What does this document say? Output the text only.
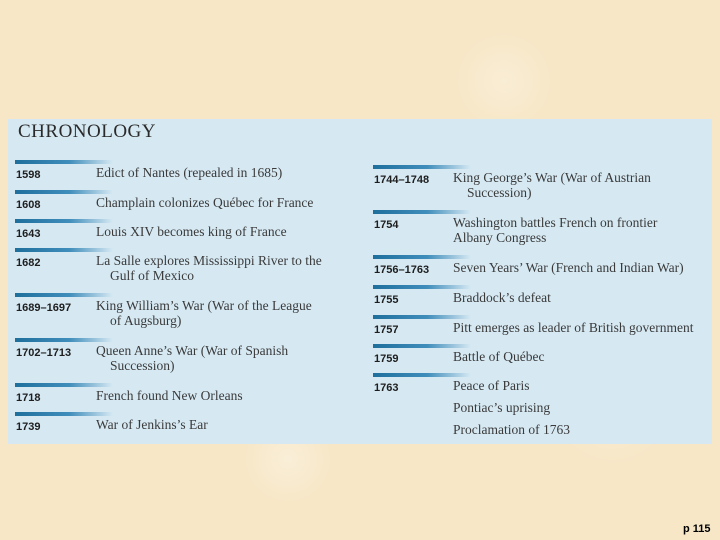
CHRONOLOGY
1598	Edict of Nantes (repealed in 1685)
1608	Champlain colonizes Québec for France
1643	Louis XIV becomes king of France
1682	La Salle explores Mississippi River to the
Gulf of Mexico
1689–1697 King William’s War (War of the League
of Augsburg)
1702–1713 Queen Anne’s War (War of Spanish
Succession)
1718	French found New Orleans
1739	War of Jenkins’s Ear
1744–1748 King George’s War (War of Austrian
Succession)
1754	Washington battles French on frontier
Albany Congress
1756–1763 Seven Years’ War (French and Indian War)
1755	Braddock’s defeat
1757	Pitt emerges as leader of British government
1759	Battle of Québec
1763	Peace of Paris
Pontiac’s uprising
Proclamation of 1763
p 115
